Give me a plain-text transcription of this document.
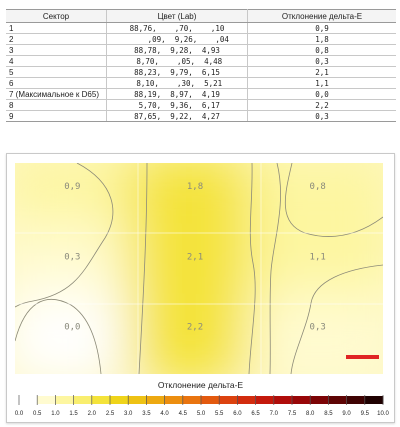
Сектор	Цвет (Lab)	Отклонение дельта-E
1	88,76,    ,70,    ,10	0,9
2	,09,  9,26,    ,04	1,8
3	88,78,  9,28,  4,93	0,8
4	8,70,    ,05,  4,48	0,3
5	88,23,  9,79,  6,15	2,1
6	8,10,    ,30,  5,21	1,1
7 (Максимальное к D65)	88,19,  8,97,  4,19	0,0
8	5,70,  9,36,  6,17	2,2
9	87,65,  9,22,  4,27	0,3
0,9	1,8	0,8
0,3	2,1	1,1
0,0	2,2	0,3
Отклонение дельта-Е
0.0 0.5 1.0 1.5 2.0 2.5 3.0 3.5 4.0 4.5 5.0 5.5 6.0 6.5 7.0 7.5 8.0 8.5 9.0 9.5 10.0
